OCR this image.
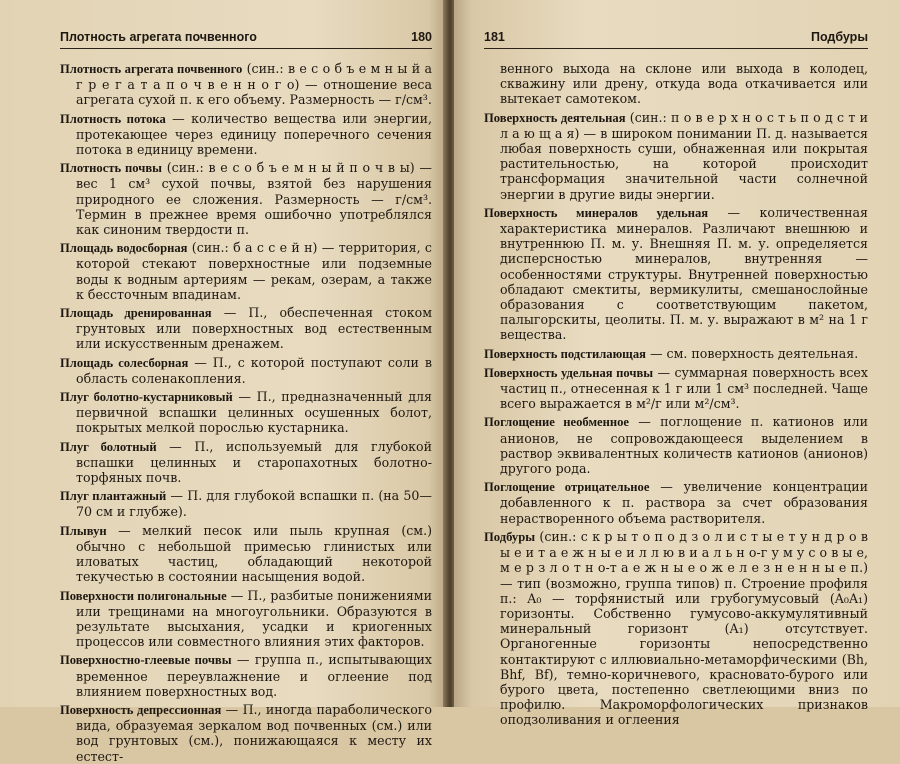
Плотность агрегата почвенного	180

Плотность агрегата почвенного (син.: в е с о б ъ е м н ы й а г р е г а т а п о ч в е н н о г о) — отношение веса агрегата сухой п. к его объему. Размерность — г/см³.

Плотность потока — количество вещества или энергии, протекающее через единицу поперечного сечения потока в единицу времени.

Плотность почвы (син.: в е с о б ъ е м н ы й п о ч в ы) — вес 1 см³ сухой почвы, взятой без нарушения природного ее сложения. Размерность — г/см³. Термин в прежнее время ошибочно употреблялся как синоним твердости п.

Площадь водосборная (син.: б а с с е й н) — территория, с которой стекают поверхностные или подземные воды к водным артериям — рекам, озерам, а также к бессточным впадинам.

Площадь дренированная — П., обеспеченная стоком грунтовых или поверхностных вод естественным или искусственным дренажем.

Площадь солесборная — П., с которой поступают соли в область соленакопления.

Плуг болотно-кустарниковый — П., предназначенный для первичной вспашки целинных осушенных болот, покрытых мелкой порослью кустарника.

Плуг болотный — П., используемый для глубокой вспашки целинных и старопахотных болотно-торфяных почв.

Плуг плантажный — П. для глубокой вспашки п. (на 50—70 см и глубже).

Плывун — мелкий песок или пыль крупная (см.) обычно с небольшой примесью глинистых или иловатых частиц, обладающий некоторой текучестью в состоянии насыщения водой.

Поверхности полигональные — П., разбитые понижениями или трещинами на многоугольники. Образуются в результате высыхания, усадки и криогенных процессов или совместного влияния этих факторов.

Поверхностно-глеевые почвы — группа п., испытывающих временное переувлажнение и оглеение под влиянием поверхностных вод.

Поверхность депрессионная — П., иногда параболического вида, образуемая зеркалом вод почвенных (см.) или вод грунтовых (см.), понижающаяся к месту их естест-

181	Подбуры

венного выхода на склоне или выхода в колодец, скважину или дрену, откуда вода откачивается или вытекает самотеком.

Поверхность деятельная (син.: п о в е р х н о с т ь п о д с т и л а ю щ а я) — в широком понимании П. д. называется любая поверхность суши, обнаженная или покрытая растительностью, на которой происходит трансформация значительной части солнечной энергии в другие виды энергии.

Поверхность минералов удельная — количественная характеристика минералов. Различают внешнюю и внутреннюю П. м. у. Внешняя П. м. у. определяется дисперсностью минералов, внутренняя — особенностями структуры. Внутренней поверхностью обладают смектиты, вермикулиты, смешанослойные образования с соответствующим пакетом, палыгорскиты, цеолиты. П. м. у. выражают в м² на 1 г вещества.

Поверхность подстилающая — см. поверхность деятельная.

Поверхность удельная почвы — суммарная поверхность всех частиц п., отнесенная к 1 г или 1 см³ последней. Чаще всего выражается в м²/г или м²/см³.

Поглощение необменное — поглощение п. катионов или анионов, не сопровождающееся выделением в раствор эквивалентных количеств катионов (анионов) другого рода.

Поглощение отрицательное — увеличение концентрации добавленного к п. раствора за счет образования нерастворенного объема растворителя.

Подбуры (син.: с к р ы т о п о д з о л и с т ы е т у н д р о в ы е и т а е ж н ы е и л л ю в и а л ь н о-г у м у с о в ы е, м е р з л о т н о-т а е ж н ы е о ж е л е з н е н н ы е п.) — тип (возможно, группа типов) п. Строение профиля п.: A₀ — торфянистый или грубогумусовый (A₀A₁) горизонты. Собственно гумусово-аккумулятивный минеральный горизонт (A₁) отсутствует. Органогенные горизонты непосредственно контактируют с иллювиально-метаморфическими (Bh, Bhf, Bf), темно-коричневого, красновато-бурого или бурого цвета, постепенно светлеющими вниз по профилю. Макроморфологических признаков оподзоливания и оглеения
